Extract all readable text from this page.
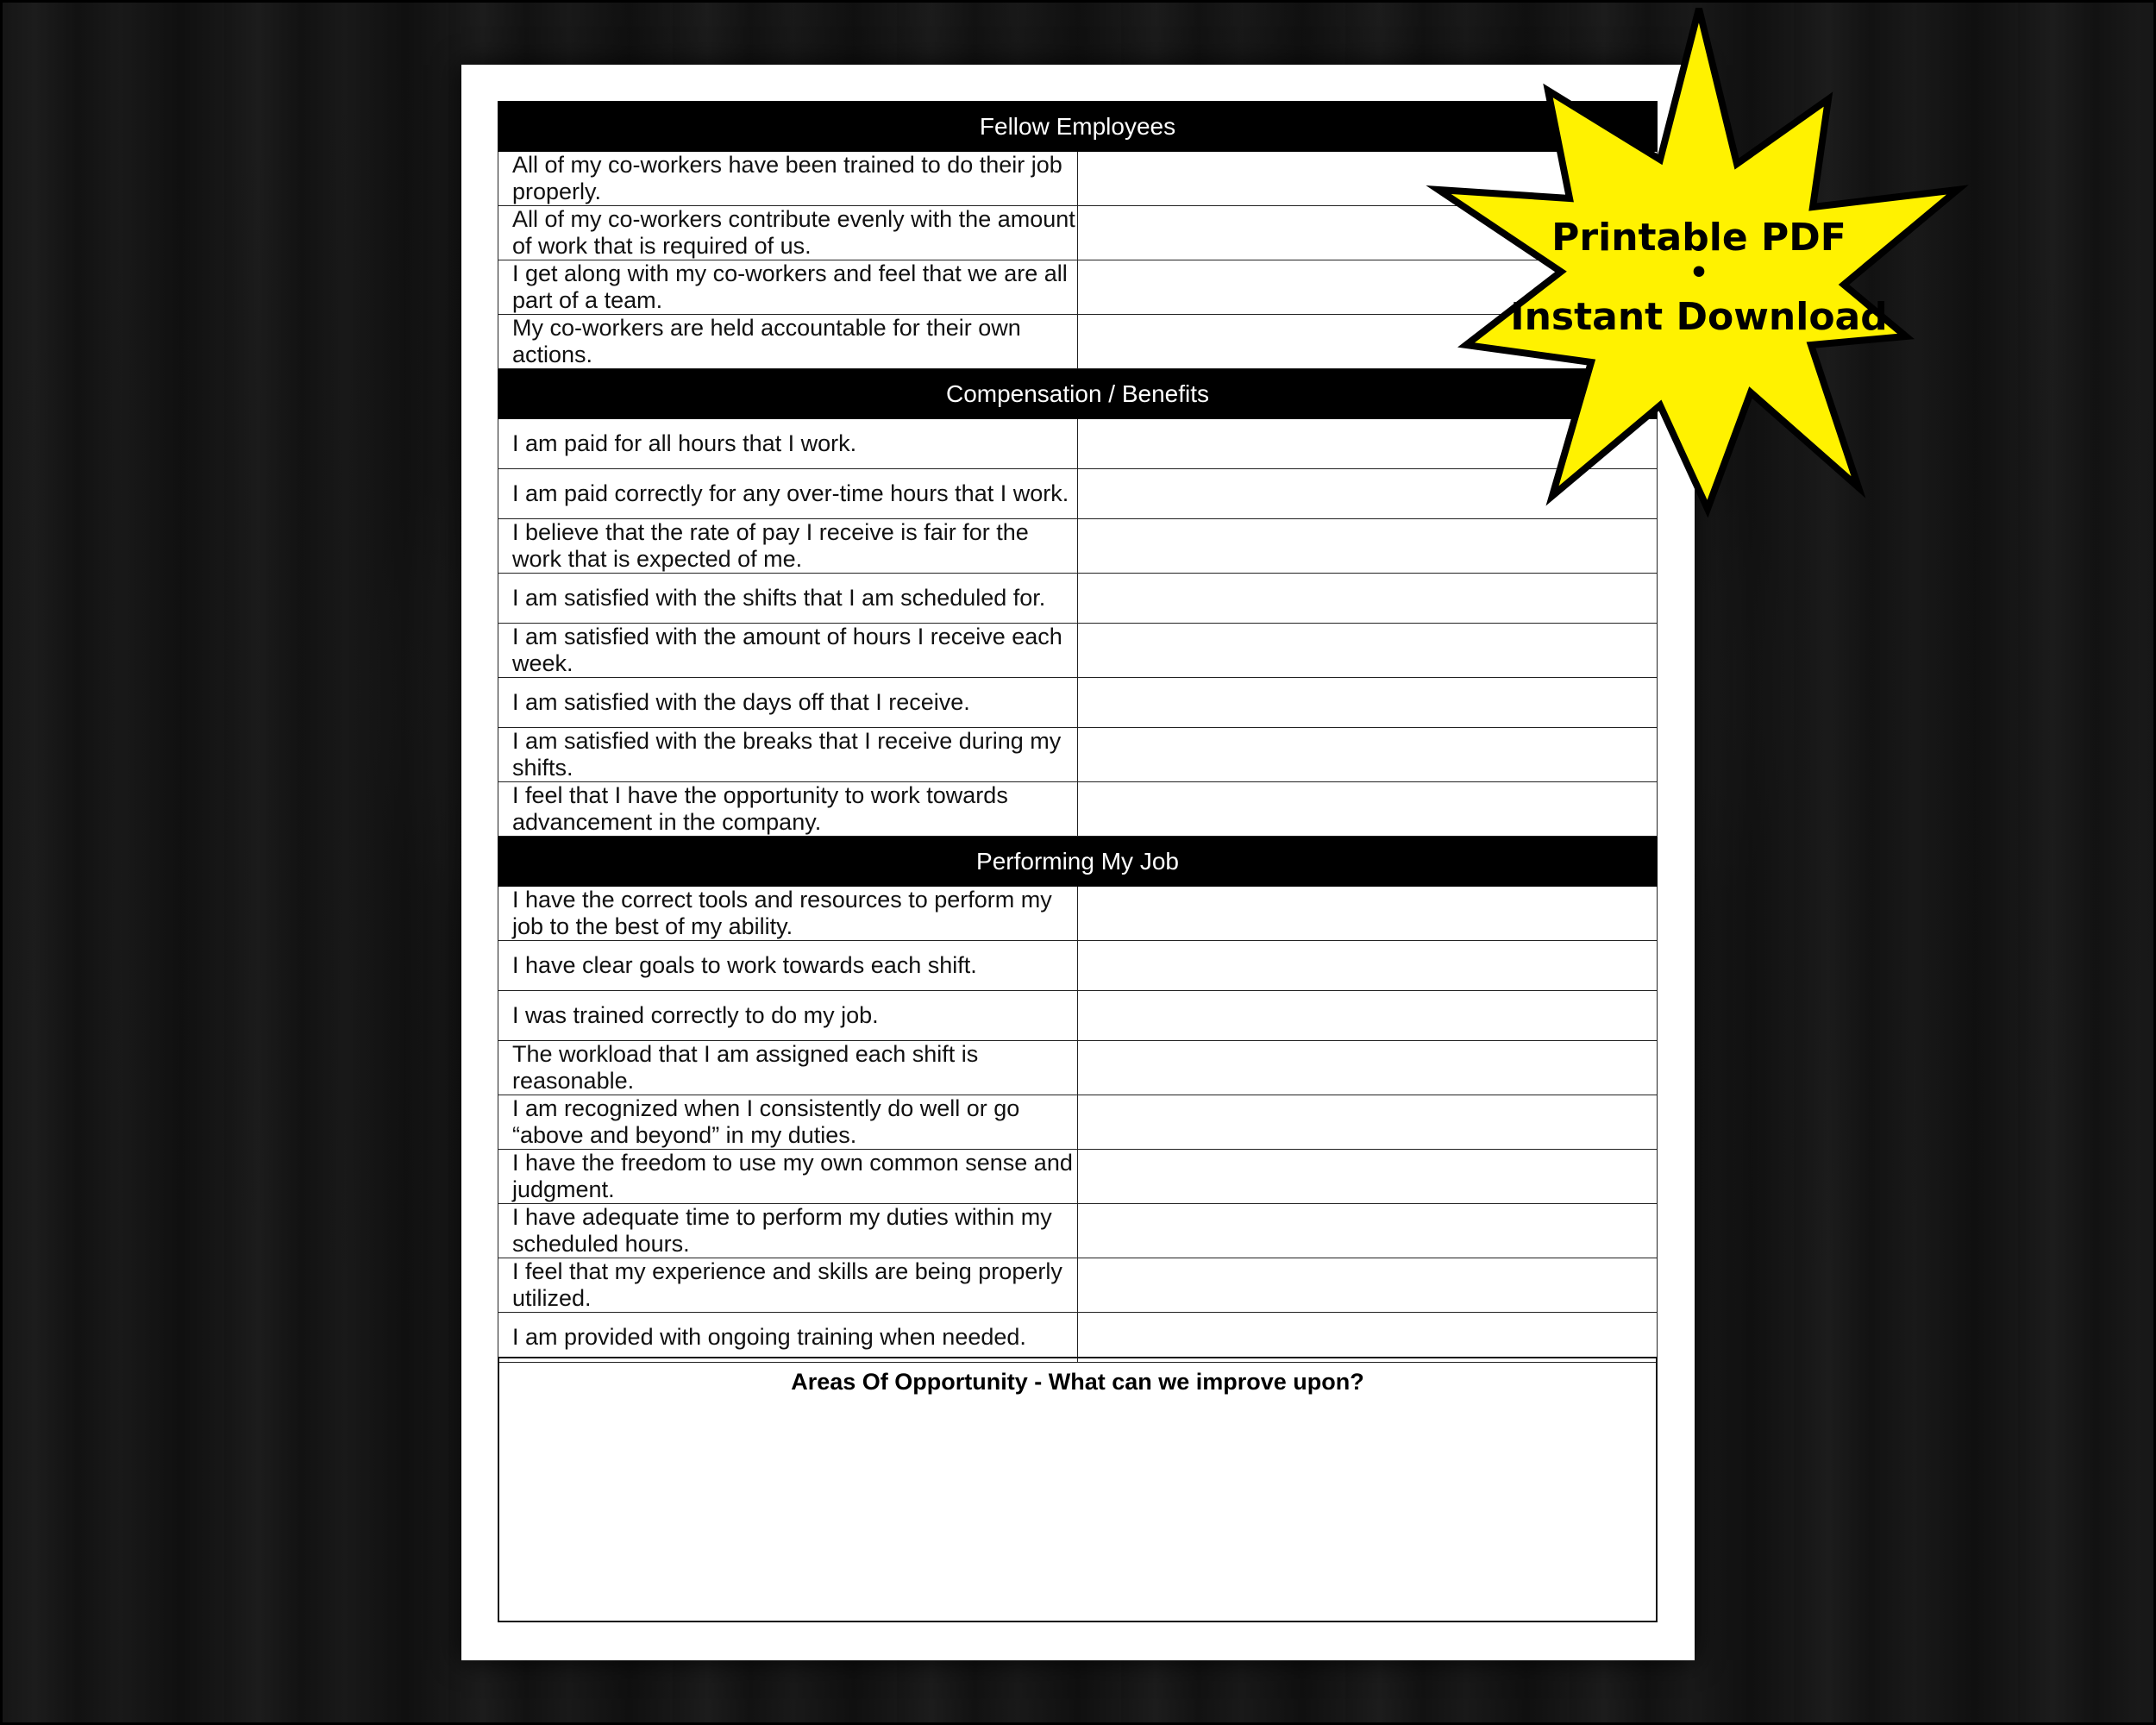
Fellow Employees	
All of my co-workers have been trained to do their job properly.	
All of my co-workers contribute evenly with the amount of work that is required of us.	
I get along with my co-workers and feel that we are all part of a team.	
My co-workers are held accountable for their own actions.	
Compensation / Benefits	
I am paid for all hours that I work.	
I am paid correctly for any over-time hours that I work.	
I believe that the rate of pay I receive is fair for the work that is expected of me.	
I am satisfied with the shifts that I am scheduled for.	
I am satisfied with the amount of hours I receive each week.	
I am satisfied with the days off that I receive.	
I am satisfied with the breaks that I receive during my shifts.	
I feel that I have the opportunity to work towards advancement in the company.	
Performing My Job	
I have the correct tools and resources to perform my job to the best of my ability.	
I have clear goals to work towards each shift.	
I was trained correctly to do my job.	
The workload that I am assigned each shift is reasonable.	
I am recognized when I consistently do well or go “above and beyond” in my duties.	
I have the freedom to use my own common sense and judgment.	
I have adequate time to perform my duties within my scheduled hours.	
I feel that my experience and skills are being properly utilized.	
I am provided with ongoing training when needed.	
Areas Of Opportunity - What can we improve upon?
Printable PDF
•
Instant Download
